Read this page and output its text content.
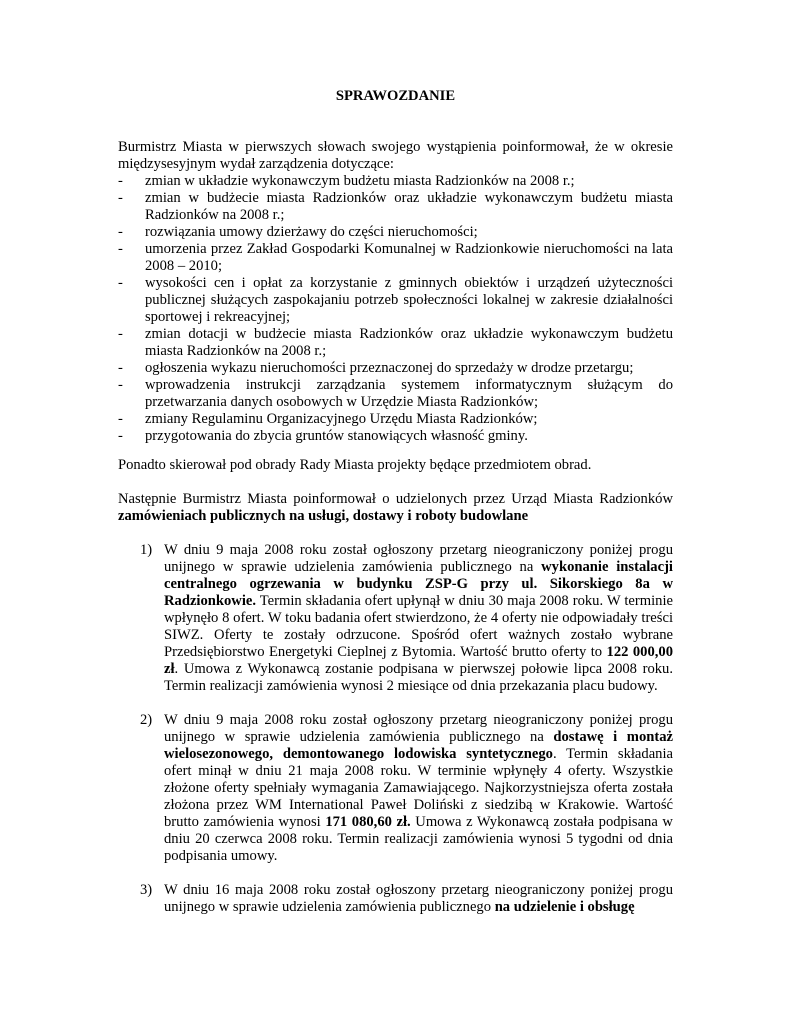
SPRAWOZDANIE
Burmistrz Miasta w pierwszych słowach swojego wystąpienia poinformował, że w okresie międzysesyjnym wydał zarządzenia dotyczące:
- zmian w układzie wykonawczym budżetu miasta Radzionków na 2008 r.;
- zmian w budżecie miasta Radzionków oraz układzie wykonawczym budżetu miasta Radzionków na 2008 r.;
- rozwiązania umowy dzierżawy do części nieruchomości;
- umorzenia przez Zakład Gospodarki Komunalnej w Radzionkowie nieruchomości na lata 2008 – 2010;
- wysokości cen i opłat za korzystanie z gminnych obiektów i urządzeń użyteczności publicznej służących zaspokajaniu potrzeb społeczności lokalnej w zakresie działalności sportowej i rekreacyjnej;
- zmian dotacji w budżecie miasta Radzionków oraz układzie wykonawczym budżetu miasta Radzionków na 2008 r.;
- ogłoszenia wykazu nieruchomości przeznaczonej do sprzedaży w drodze przetargu;
- wprowadzenia instrukcji zarządzania systemem informatycznym służącym do przetwarzania danych osobowych w Urzędzie Miasta Radzionków;
- zmiany Regulaminu Organizacyjnego Urzędu Miasta Radzionków;
- przygotowania do zbycia gruntów stanowiących własność gminy.
Ponadto skierował pod obrady Rady Miasta projekty będące przedmiotem obrad.
Następnie Burmistrz Miasta poinformował o udzielonych przez Urząd Miasta Radzionków zamówieniach publicznych na usługi, dostawy i roboty budowlane
1) W dniu 9 maja 2008 roku został ogłoszony przetarg nieograniczony poniżej progu unijnego w sprawie udzielenia zamówienia publicznego na wykonanie instalacji centralnego ogrzewania w budynku ZSP-G przy ul. Sikorskiego 8a w Radzionkowie. Termin składania ofert upłynął w dniu 30 maja 2008 roku. W terminie wpłynęło 8 ofert. W toku badania ofert stwierdzono, że 4 oferty nie odpowiadały treści SIWZ. Oferty te zostały odrzucone. Spośród ofert ważnych zostało wybrane Przedsiębiorstwo Energetyki Cieplnej z Bytomia. Wartość brutto oferty to 122 000,00 zł. Umowa z Wykonawcą zostanie podpisana w pierwszej połowie lipca 2008 roku. Termin realizacji zamówienia wynosi 2 miesiące od dnia przekazania placu budowy.
2) W dniu 9 maja 2008 roku został ogłoszony przetarg nieograniczony poniżej progu unijnego w sprawie udzielenia zamówienia publicznego na dostawę i montaż wielosezonowego, demontowanego lodowiska syntetycznego. Termin składania ofert minął w dniu 21 maja 2008 roku. W terminie wpłynęły 4 oferty. Wszystkie złożone oferty spełniały wymagania Zamawiającego. Najkorzystniejsza oferta została złożona przez WM International Paweł Doliński z siedzibą w Krakowie. Wartość brutto zamówienia wynosi 171 080,60 zł. Umowa z Wykonawcą została podpisana w dniu 20 czerwca 2008 roku. Termin realizacji zamówienia wynosi 5 tygodni od dnia podpisania umowy.
3) W dniu 16 maja 2008 roku został ogłoszony przetarg nieograniczony poniżej progu unijnego w sprawie udzielenia zamówienia publicznego na udzielenie i obsługę
